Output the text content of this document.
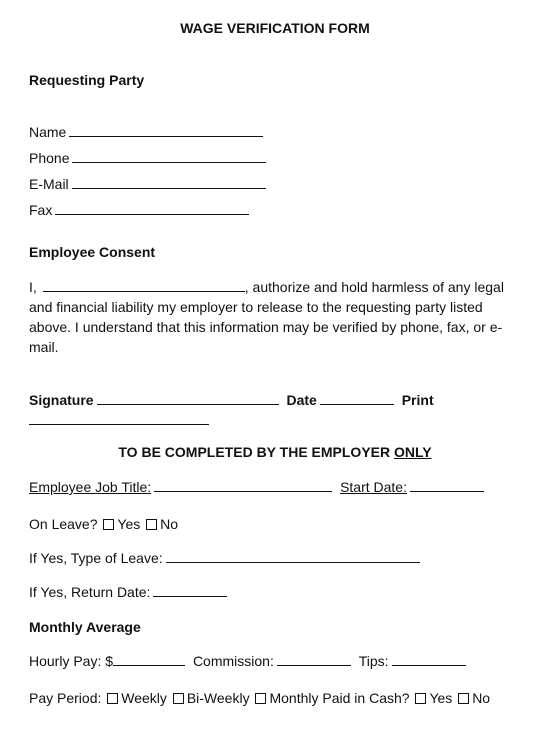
WAGE VERIFICATION FORM
Requesting Party
Name
Phone
E-Mail
Fax
Employee Consent
I,	, authorize and hold harmless of any legal and financial liability my employer to release to the requesting party listed above. I understand that this information may be verified by phone, fax, or e-mail.
Signature	Date	Print
TO BE COMPLETED BY THE EMPLOYER ONLY
Employee Job Title:	Start Date:
On Leave? Yes No
If Yes, Type of Leave:
If Yes, Return Date:
Monthly Average
Hourly Pay: $	Commission:	Tips:
Pay Period: Weekly Bi-Weekly Monthly Paid in Cash? Yes No
